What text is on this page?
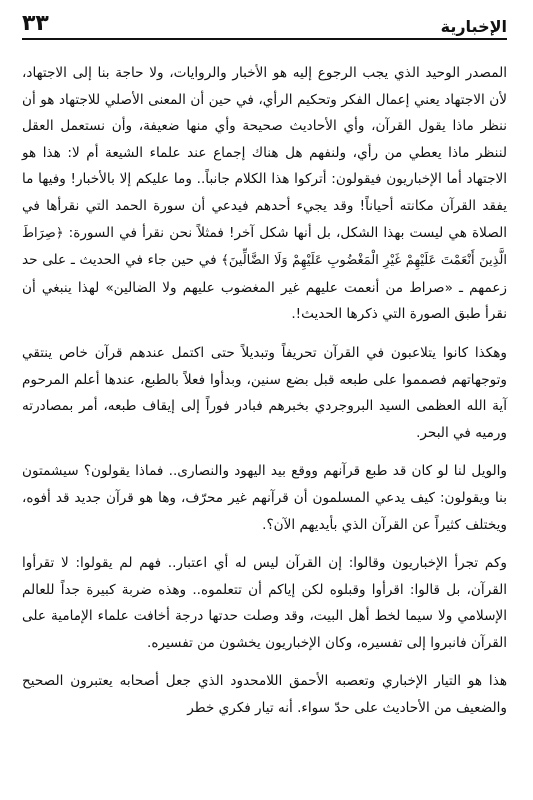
الإخبارية
٣٣

المصدر الوحيد الذي يجب الرجوع إليه هو الأخبار والروايات، ولا حاجة بنا إلى الاجتهاد، لأن الاجتهاد يعني إعمال الفكر وتحكيم الرأي، في حين أن المعنى الأصلي للاجتهاد هو أن ننظر ماذا يقول القرآن، وأي الأحاديث صحيحة وأي منها ضعيفة، وأن نستعمل العقل لننظر ماذا يعطي من رأي، ولنفهم هل هناك إجماع عند علماء الشيعة أم لا: هذا هو الاجتهاد أما الإخباريون فيقولون: أتركوا هذا الكلام جانباً.. وما عليكم إلا بالأخبار! وفيها ما يفقد القرآن مكانته أحياناً! وقد يجيء أحدهم فيدعي أن سورة الحمد التي نقرأها في الصلاة هي ليست بهذا الشكل، بل أنها شكل آخر! فمثلاً نحن نقرأ في السورة: ﴿صِرَاطَ الَّذِينَ أَنْعَمْتَ عَلَيْهِمْ غَيْرِ الْمَغْضُوبِ عَلَيْهِمْ وَلَا الضَّالِّينَ﴾ في حين جاء في الحديث ـ على حد زعمهم ـ «صراط من أنعمت عليهم غير المغضوب عليهم ولا الضالين» لهذا ينبغي أن نقرأ طبق الصورة التي ذكرها الحديث!.

وهكذا كانوا يتلاعبون في القرآن تحريفاً وتبديلاً حتى اكتمل عندهم قرآن خاص ينتقي وتوجهاتهم فصمموا على طبعه قبل بضع سنين، وبدأوا فعلاً بالطبع، عندها أعلم المرحوم آية الله العظمى السيد البروجردي بخبرهم فبادر فوراً إلى إيقاف طبعه، أمر بمصادرته ورميه في البحر.

والويل لنا لو كان قد طبع قرآنهم ووقع بيد اليهود والنصارى.. فماذا يقولون؟ سيشمتون بنا ويقولون: كيف يدعي المسلمون أن قرآنهم غير محرّف، وها هو قرآن جديد قد أفوه، ويختلف كثيراً عن القرآن الذي بأيديهم الآن؟.

وكم تجرأ الإخباريون وقالوا: إن القرآن ليس له أي اعتبار.. فهم لم يقولوا: لا تقرأوا القرآن، بل قالوا: اقرأوا وقبلوه لكن إياكم أن تتعلموه.. وهذه ضربة كبيرة جداً للعالم الإسلامي ولا سيما لخط أهل البيت، وقد وصلت حدتها درجة أخافت علماء الإمامية على القرآن فانبروا إلى تفسيره، وكان الإخباريون يخشون من تفسيره.

هذا هو التيار الإخباري وتعصبه الأحمق اللامحدود الذي جعل أصحابه يعتبرون الصحيح والضعيف من الأحاديث على حدّ سواء. أنه تيار فكري خطر
